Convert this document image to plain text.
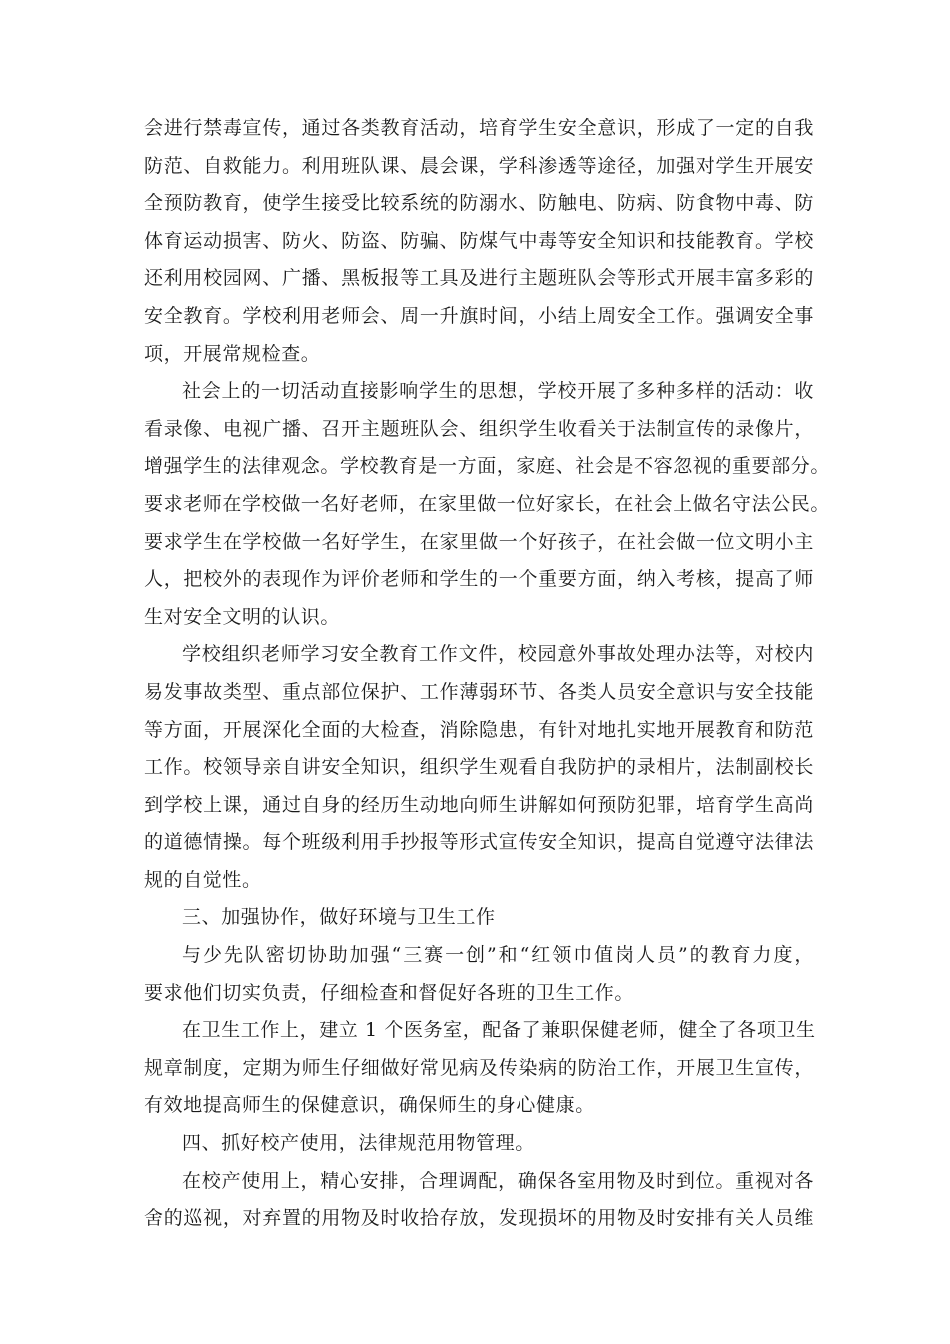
会进行禁毒宣传，通过各类教育活动，培育学生安全意识，形成了一定的自我
防范、自救能力。利用班队课、晨会课，学科渗透等途径，加强对学生开展安
全预防教育，使学生接受比较系统的防溺水、防触电、防病、防食物中毒、防
体育运动损害、防火、防盗、防骗、防煤气中毒等安全知识和技能教育。学校
还利用校园网、广播、黑板报等工具及进行主题班队会等形式开展丰富多彩的
安全教育。学校利用老师会、周一升旗时间，小结上周安全工作。强调安全事
项，开展常规检查。
社会上的一切活动直接影响学生的思想，学校开展了多种多样的活动：收
看录像、电视广播、召开主题班队会、组织学生收看关于法制宣传的录像片，
增强学生的法律观念。学校教育是一方面，家庭、社会是不容忽视的重要部分。
要求老师在学校做一名好老师，在家里做一位好家长，在社会上做名守法公民。
要求学生在学校做一名好学生，在家里做一个好孩子，在社会做一位文明小主
人，把校外的表现作为评价老师和学生的一个重要方面，纳入考核，提高了师
生对安全文明的认识。
学校组织老师学习安全教育工作文件，校园意外事故处理办法等，对校内
易发事故类型、重点部位保护、工作薄弱环节、各类人员安全意识与安全技能
等方面，开展深化全面的大检查，消除隐患，有针对地扎实地开展教育和防范
工作。校领导亲自讲安全知识，组织学生观看自我防护的录相片，法制副校长
到学校上课，通过自身的经历生动地向师生讲解如何预防犯罪，培育学生高尚
的道德情操。每个班级利用手抄报等形式宣传安全知识，提高自觉遵守法律法
规的自觉性。
三、加强协作，做好环境与卫生工作
与少先队密切协助加强“三赛一创”和“红领巾值岗人员”的教育力度，
要求他们切实负责，仔细检查和督促好各班的卫生工作。
在卫生工作上，建立 1 个医务室，配备了兼职保健老师，健全了各项卫生
规章制度，定期为师生仔细做好常见病及传染病的防治工作，开展卫生宣传，
有效地提高师生的保健意识，确保师生的身心健康。
四、抓好校产使用，法律规范用物管理。
在校产使用上，精心安排，合理调配，确保各室用物及时到位。重视对各
舍的巡视，对弃置的用物及时收拾存放，发现损坏的用物及时安排有关人员维
